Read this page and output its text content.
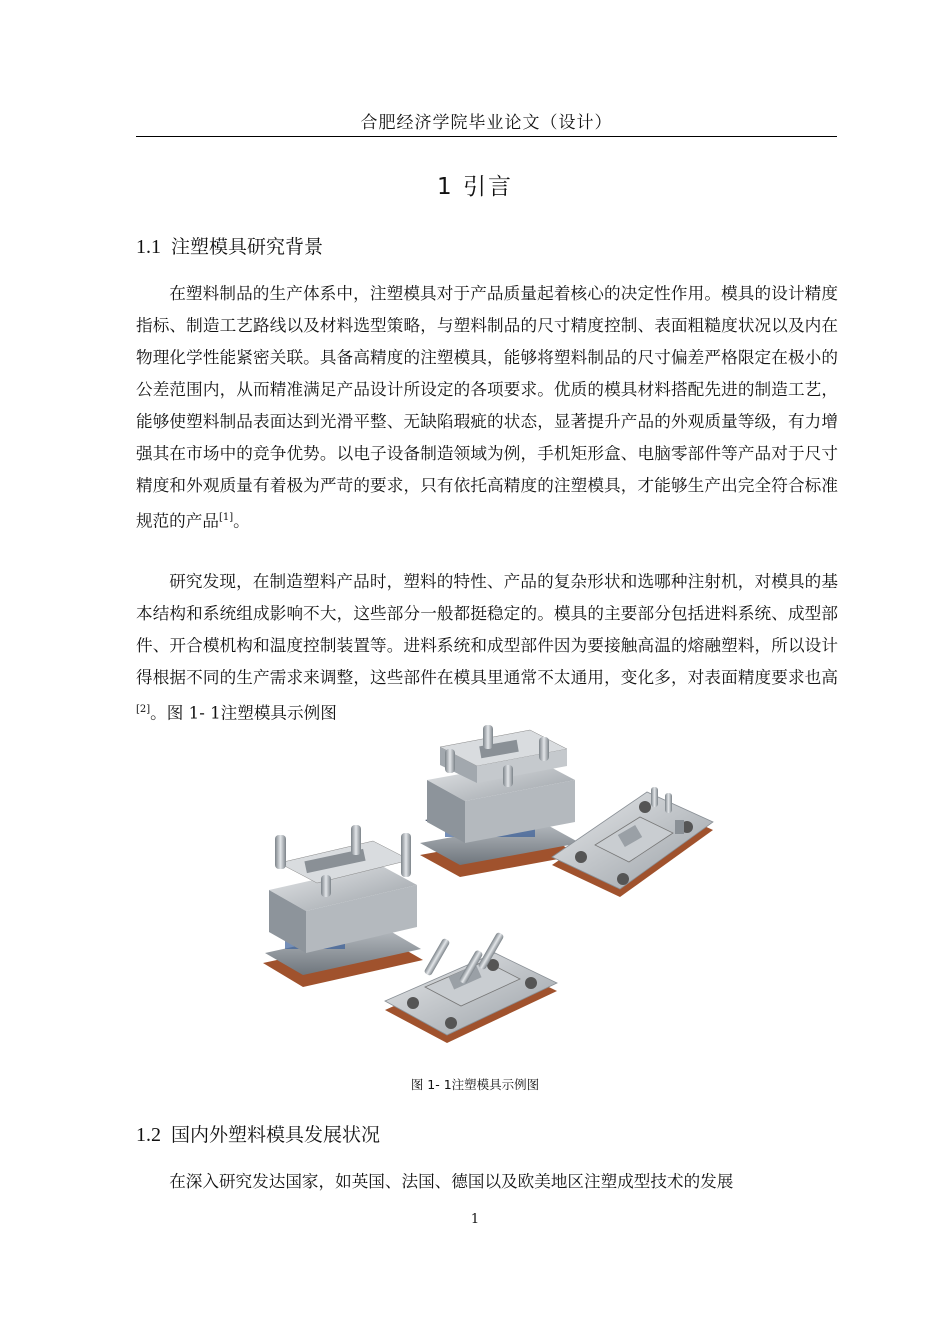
合肥经济学院毕业论文（设计）
1 引言
1.1 注塑模具研究背景

在塑料制品的生产体系中，注塑模具对于产品质量起着核心的决定性作用。模具的设计精度指标、制造工艺路线以及材料选型策略，与塑料制品的尺寸精度控制、表面粗糙度状况以及内在物理化学性能紧密关联。具备高精度的注塑模具，能够将塑料制品的尺寸偏差严格限定在极小的公差范围内，从而精准满足产品设计所设定的各项要求。优质的模具材料搭配先进的制造工艺，能够使塑料制品表面达到光滑平整、无缺陷瑕疵的状态，显著提升产品的外观质量等级，有力增强其在市场中的竞争优势。以电子设备制造领域为例，手机矩形盒、电脑零部件等产品对于尺寸精度和外观质量有着极为严苛的要求，只有依托高精度的注塑模具，才能够生产出完全符合标准规范的产品[1]。

研究发现，在制造塑料产品时，塑料的特性、产品的复杂形状和选哪种注射机，对模具的基本结构和系统组成影响不大，这些部分一般都挺稳定的。模具的主要部分包括进料系统、成型部件、开合模机构和温度控制装置等。进料系统和成型部件因为要接触高温的熔融塑料，所以设计得根据不同的生产需求来调整，这些部件在模具里通常不太通用，变化多，对表面精度要求也高[2]。图 1- 1注塑模具示例图

图 1- 1注塑模具示例图
1.2 国内外塑料模具发展状况

在深入研究发达国家，如英国、法国、德国以及欧美地区注塑成型技术的发展

1
